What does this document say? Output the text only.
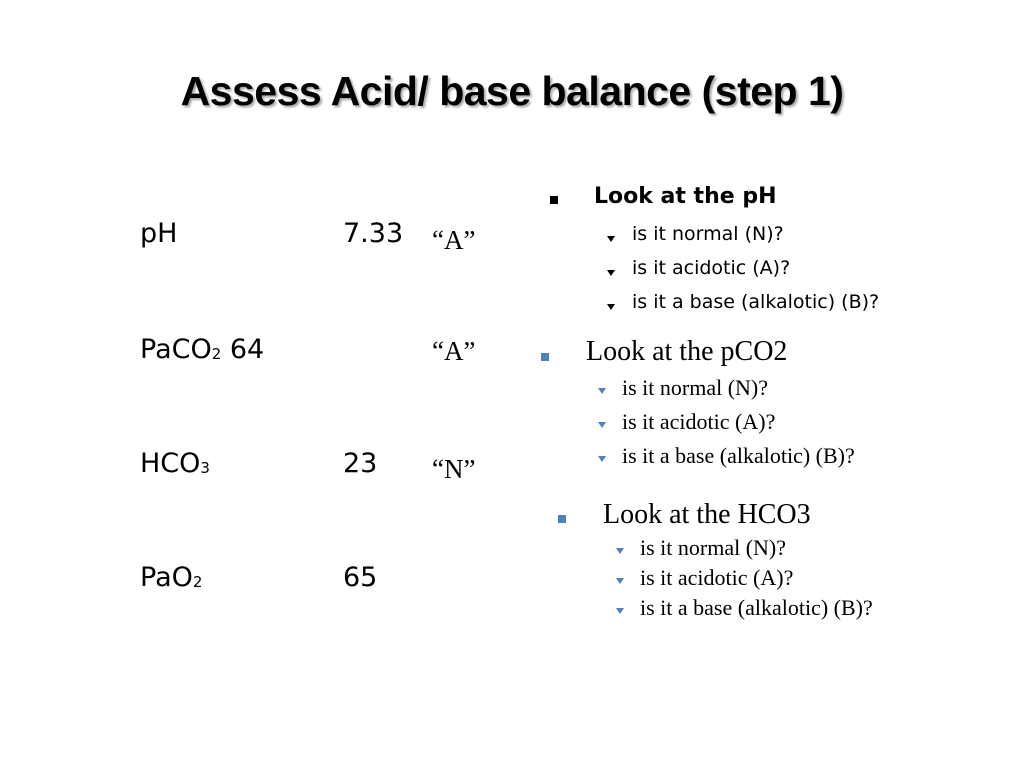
Assess Acid/ base balance (step 1)
pH	7.33 “A”
PaCO$_2$ 64	“A”
$HCO_3$	23 “N”
PaO$_2$	65
Look at the pH
is it normal (N)?
is it acidotic (A)?
is it a base (alkalotic) (B)?
Look at the pCO2
is it normal (N)?
is it acidotic (A)?
is it a base (alkalotic) (B)?
Look at the HCO3
is it normal (N)?
is it acidotic (A)?
is it a base (alkalotic) (B)?
